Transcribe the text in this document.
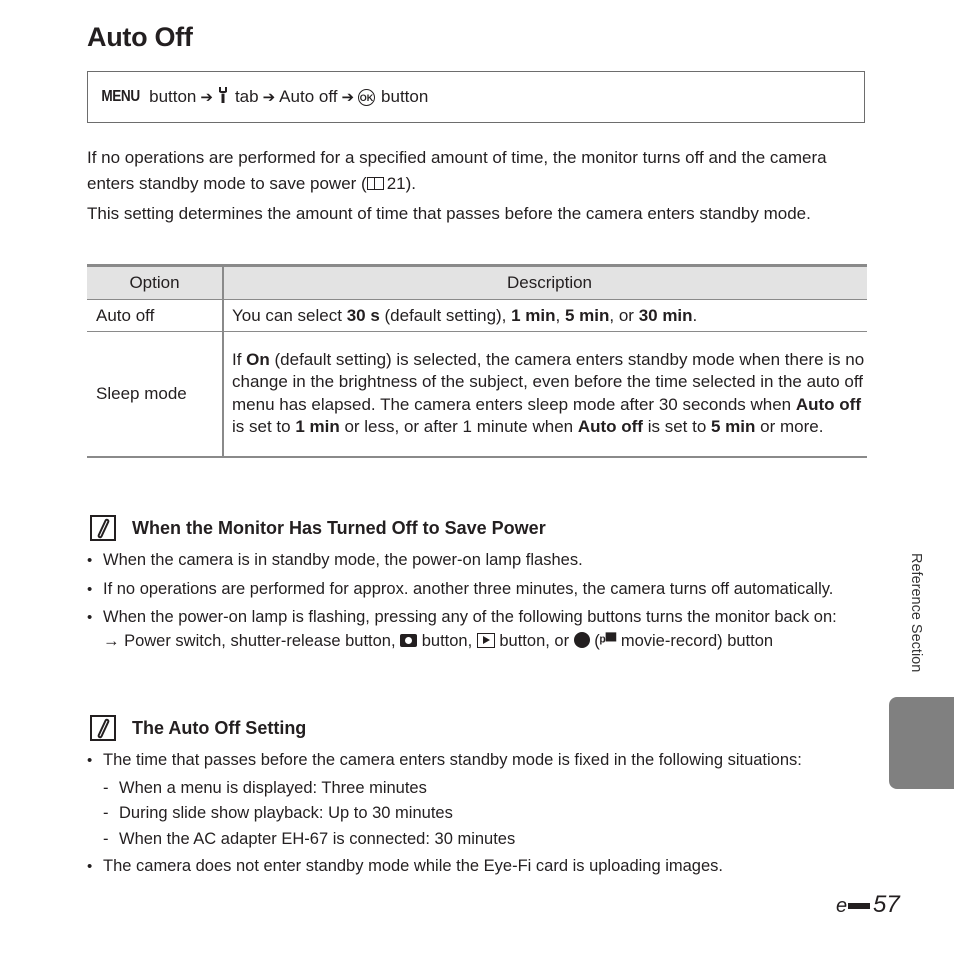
Auto Off
MENU button ➔ tab ➔ Auto off ➔ OK button
If no operations are performed for a specified amount of time, the monitor turns off and the camera enters standby mode to save power ( 21).
This setting determines the amount of time that passes before the camera enters standby mode.
Option	Description
Auto off	You can select 30 s (default setting), 1 min, 5 min, or 30 min.
Sleep mode	If On (default setting) is selected, the camera enters standby mode when there is no change in the brightness of the subject, even before the time selected in the auto off menu has elapsed. The camera enters sleep mode after 30 seconds when Auto off is set to 1 min or less, or after 1 minute when Auto off is set to 5 min or more.
When the Monitor Has Turned Off to Save Power
• When the camera is in standby mode, the power-on lamp flashes.
• If no operations are performed for approx. another three minutes, the camera turns off automatically.
• When the power-on lamp is flashing, pressing any of the following buttons turns the monitor back on:
→ Power switch, shutter-release button,  button,  button, or  (ᵖ▀ movie-record) button
The Auto Off Setting
• The time that passes before the camera enters standby mode is fixed in the following situations:
- When a menu is displayed: Three minutes
- During slide show playback: Up to 30 minutes
- When the AC adapter EH-67 is connected: 30 minutes
• The camera does not enter standby mode while the Eye-Fi card is uploading images.
Reference Section
e 57
